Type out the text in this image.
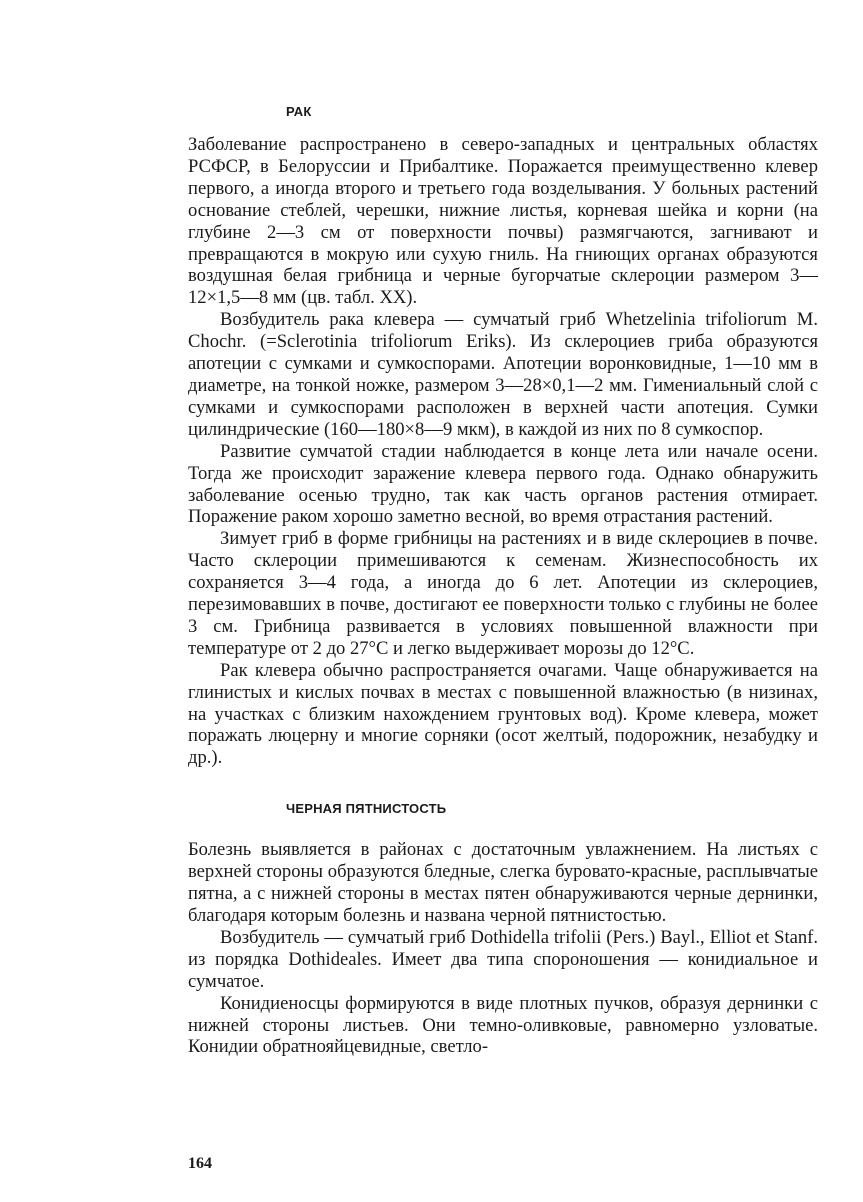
РАК

Заболевание распространено в северо-западных и центральных областях РСФСР, в Белоруссии и Прибалтике. Поражается преимущественно клевер первого, а иногда второго и третьего года возделывания. У больных растений основание стеблей, черешки, нижние листья, корневая шейка и корни (на глубине 2—3 см от поверхности почвы) размягчаются, загнивают и превращаются в мокрую или сухую гниль. На гниющих органах образуются воздушная белая грибница и черные бугорчатые склероции размером 3—12×1,5—8 мм (цв. табл. XX).

Возбудитель рака клевера — сумчатый гриб Whetzelinia trifoliorum M. Chochr. (=Sclerotinia trifoliorum Eriks). Из склероциев гриба образуются апотеции с сумками и сумкоспорами. Апотеции воронковидные, 1—10 мм в диаметре, на тонкой ножке, размером 3—28×0,1—2 мм. Гимениальный слой с сумками и сумкоспорами расположен в верхней части апотеция. Сумки цилиндрические (160—180×8—9 мкм), в каждой из них по 8 сумкоспор.

Развитие сумчатой стадии наблюдается в конце лета или начале осени. Тогда же происходит заражение клевера первого года. Однако обнаружить заболевание осенью трудно, так как часть органов растения отмирает. Поражение раком хорошо заметно весной, во время отрастания растений.

Зимует гриб в форме грибницы на растениях и в виде склероциев в почве. Часто склероции примешиваются к семенам. Жизнеспособность их сохраняется 3—4 года, а иногда до 6 лет. Апотеции из склероциев, перезимовавших в почве, достигают ее поверхности только с глубины не более 3 см. Грибница развивается в условиях повышенной влажности при температуре от 2 до 27°С и легко выдерживает морозы до 12°С.

Рак клевера обычно распространяется очагами. Чаще обнаруживается на глинистых и кислых почвах в местах с повышенной влажностью (в низинах, на участках с близким нахождением грунтовых вод). Кроме клевера, может поражать люцерну и многие сорняки (осот желтый, подорожник, незабудку и др.).

ЧЕРНАЯ ПЯТНИСТОСТЬ

Болезнь выявляется в районах с достаточным увлажнением. На листьях с верхней стороны образуются бледные, слегка буровато-красные, расплывчатые пятна, а с нижней стороны в местах пятен обнаруживаются черные дернинки, благодаря которым болезнь и названа черной пятнистостью.

Возбудитель — сумчатый гриб Dothidella trifolii (Pers.) Bayl., Elliot et Stanf. из порядка Dothideales. Имеет два типа спороношения — конидиальное и сумчатое.

Конидиеносцы формируются в виде плотных пучков, образуя дернинки с нижней стороны листьев. Они темно-оливковые, равномерно узловатые. Конидии обратнояйцевидные, светло-

164
